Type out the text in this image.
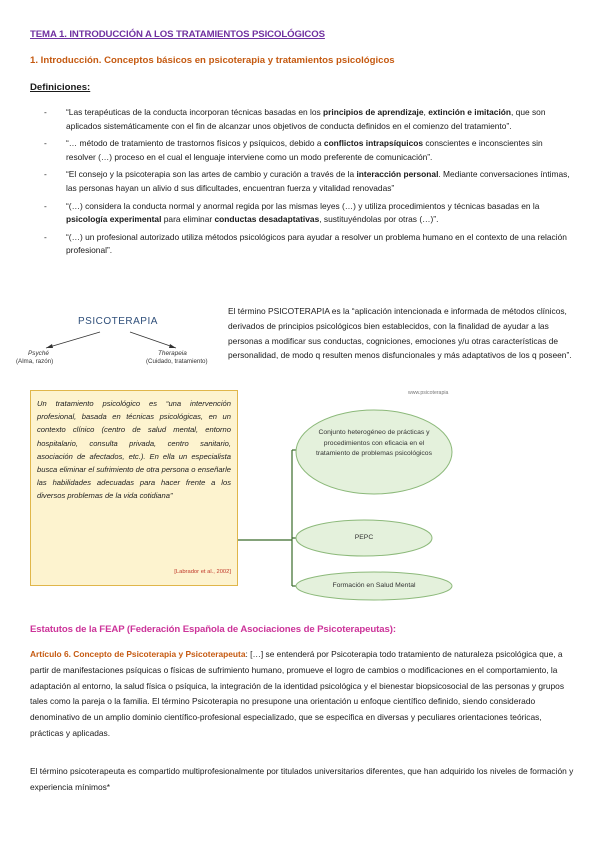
TEMA 1. INTRODUCCIÓN A LOS TRATAMIENTOS PSICOLÓGICOS
1. Introducción. Conceptos básicos en psicoterapia y tratamientos psicológicos
Definiciones:
- “Las terapéuticas de la conducta incorporan técnicas basadas en los principios de aprendizaje, extinción e imitación, que son aplicados sistemáticamente con el fin de alcanzar unos objetivos de conducta definidos en el comienzo del tratamiento”.
- “… método de tratamiento de trastornos físicos y psíquicos, debido a conflictos intrapsíquicos conscientes e inconscientes sin resolver (…) proceso en el cual el lenguaje interviene como un modo preferente de comunicación”.
- “El consejo y la psicoterapia son las artes de cambio y curación a través de la interacción personal. Mediante conversaciones íntimas, las personas hayan un alivio d sus dificultades, encuentran fuerza y vitalidad renovadas”
- “(…) considera la conducta normal y anormal regida por las mismas leyes (…) y utiliza procedimientos y técnicas basadas en la psicología experimental para eliminar conductas desadaptativas, sustituyéndolas por otras (…)”.
- “(…) un profesional autorizado utiliza métodos psicológicos para ayudar a resolver un problema humano en el contexto de una relación profesional”.
PSICOTERAPIA
Psyché
(Alma, razón)
Therapeia
(Cuidado, tratamiento)
El término PSICOTERAPIA es la “aplicación intencionada e informada de métodos clínicos, derivados de principios psicológicos bien establecidos, con la finalidad de ayudar a las personas a modificar sus conductas, cogniciones, emociones y/u otras características de personalidad, de modo q resulten menos disfuncionales y más adaptativos de los q poseen”.
Un tratamiento psicológico es “una intervención profesional, basada en técnicas psicológicas, en un contexto clínico (centro de salud mental, entorno hospitalario, consulta privada, centro sanitario, asociación de afectados, etc.). En ella un especialista busca eliminar el sufrimiento de otra persona o enseñarle las habilidades adecuadas para hacer frente a los diversos problemas de la vida cotidiana”
[Labrador et al., 2002]
www.psicoterapia
Conjunto heterogéneo de prácticas y procedimientos con eficacia en el tratamiento de problemas psicológicos
PEPC
Formación en Salud Mental
Estatutos de la FEAP (Federación Española de Asociaciones de Psicoterapeutas):
Artículo 6. Concepto de Psicoterapia y Psicoterapeuta: […] se entenderá por Psicoterapia todo tratamiento de naturaleza psicológica que, a partir de manifestaciones psíquicas o físicas de sufrimiento humano, promueve el logro de cambios o modificaciones en el comportamiento, la adaptación al entorno, la salud física o psíquica, la integración de la identidad psicológica y el bienestar biopsicosocial de las personas y grupos tales como la pareja o la familia. El término Psicoterapia no presupone una orientación u enfoque científico definido, siendo considerado denominativo de un amplio dominio científico-profesional especializado, que se especifica en diversas y peculiares orientaciones teóricas, prácticas y aplicadas.
El término psicoterapeuta es compartido multiprofesionalmente por titulados universitarios diferentes, que han adquirido los niveles de formación y experiencia mínimos*
